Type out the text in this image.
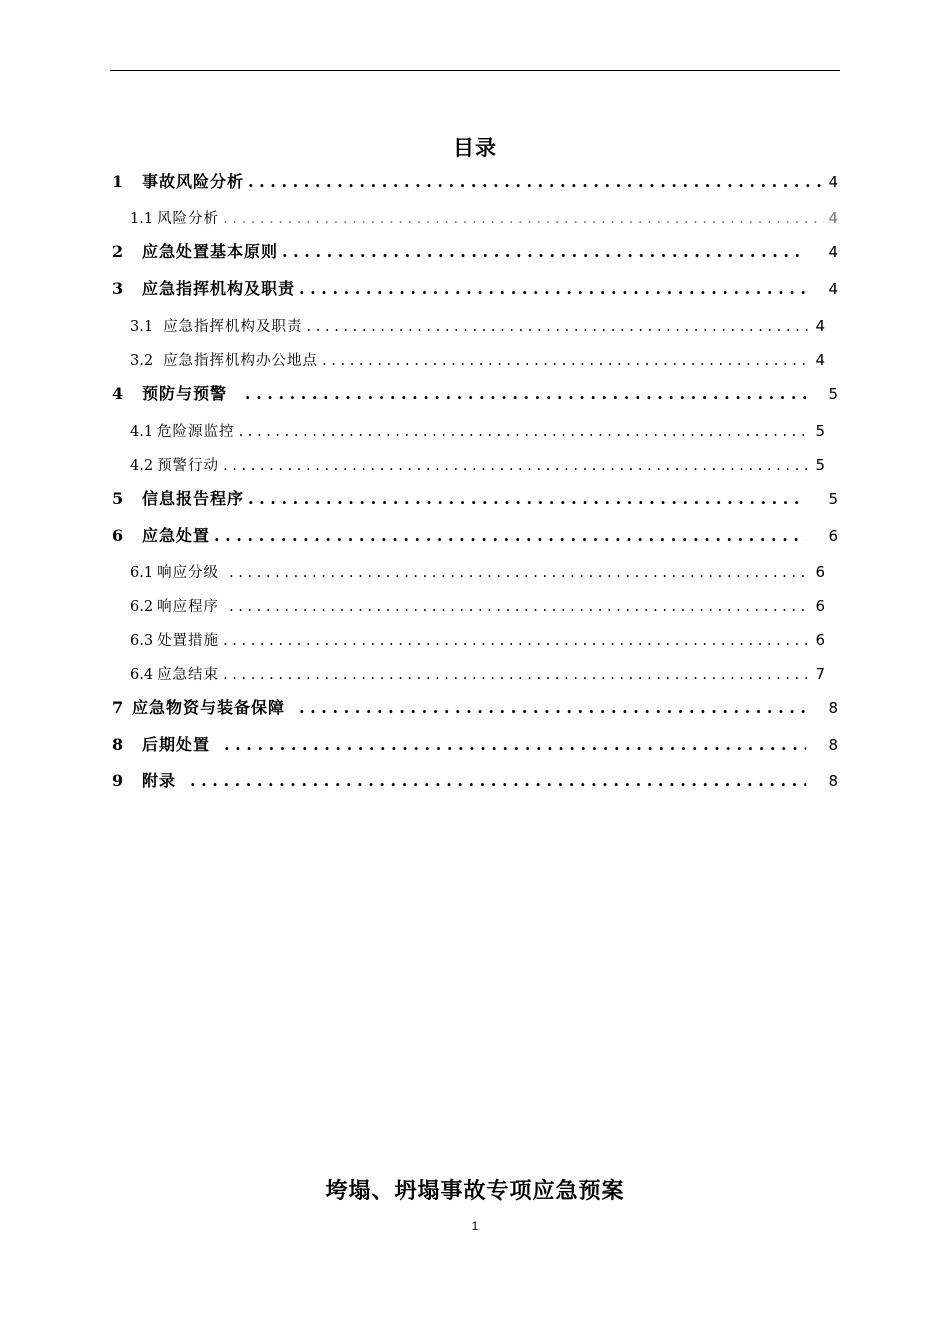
目录
1	事故风险分析 . . .	4
1.1 风险分析 . . .	4
2	应急处置基本原则 . . .	4
3	应急指挥机构及职责 . . .	4
3.1 应急指挥机构及职责 . . .	4
3.2 应急指挥机构办公地点 . . .	4
4	预防与预警 . . .	5
4.1 危险源监控 . . .	5
4.2 预警行动 . . .	5
5	信息报告程序 . . .	5
6	应急处置 . . .	6
6.1 响应分级 . . .	6
6.2 响应程序 . . .	6
6.3 处置措施 . . .	6
6.4 应急结束 . . .	7
7 应急物资与装备保障 . . .	8
8	后期处置 . . .	8
9	附录 . . .	8
垮塌、坍塌事故专项应急预案
1
